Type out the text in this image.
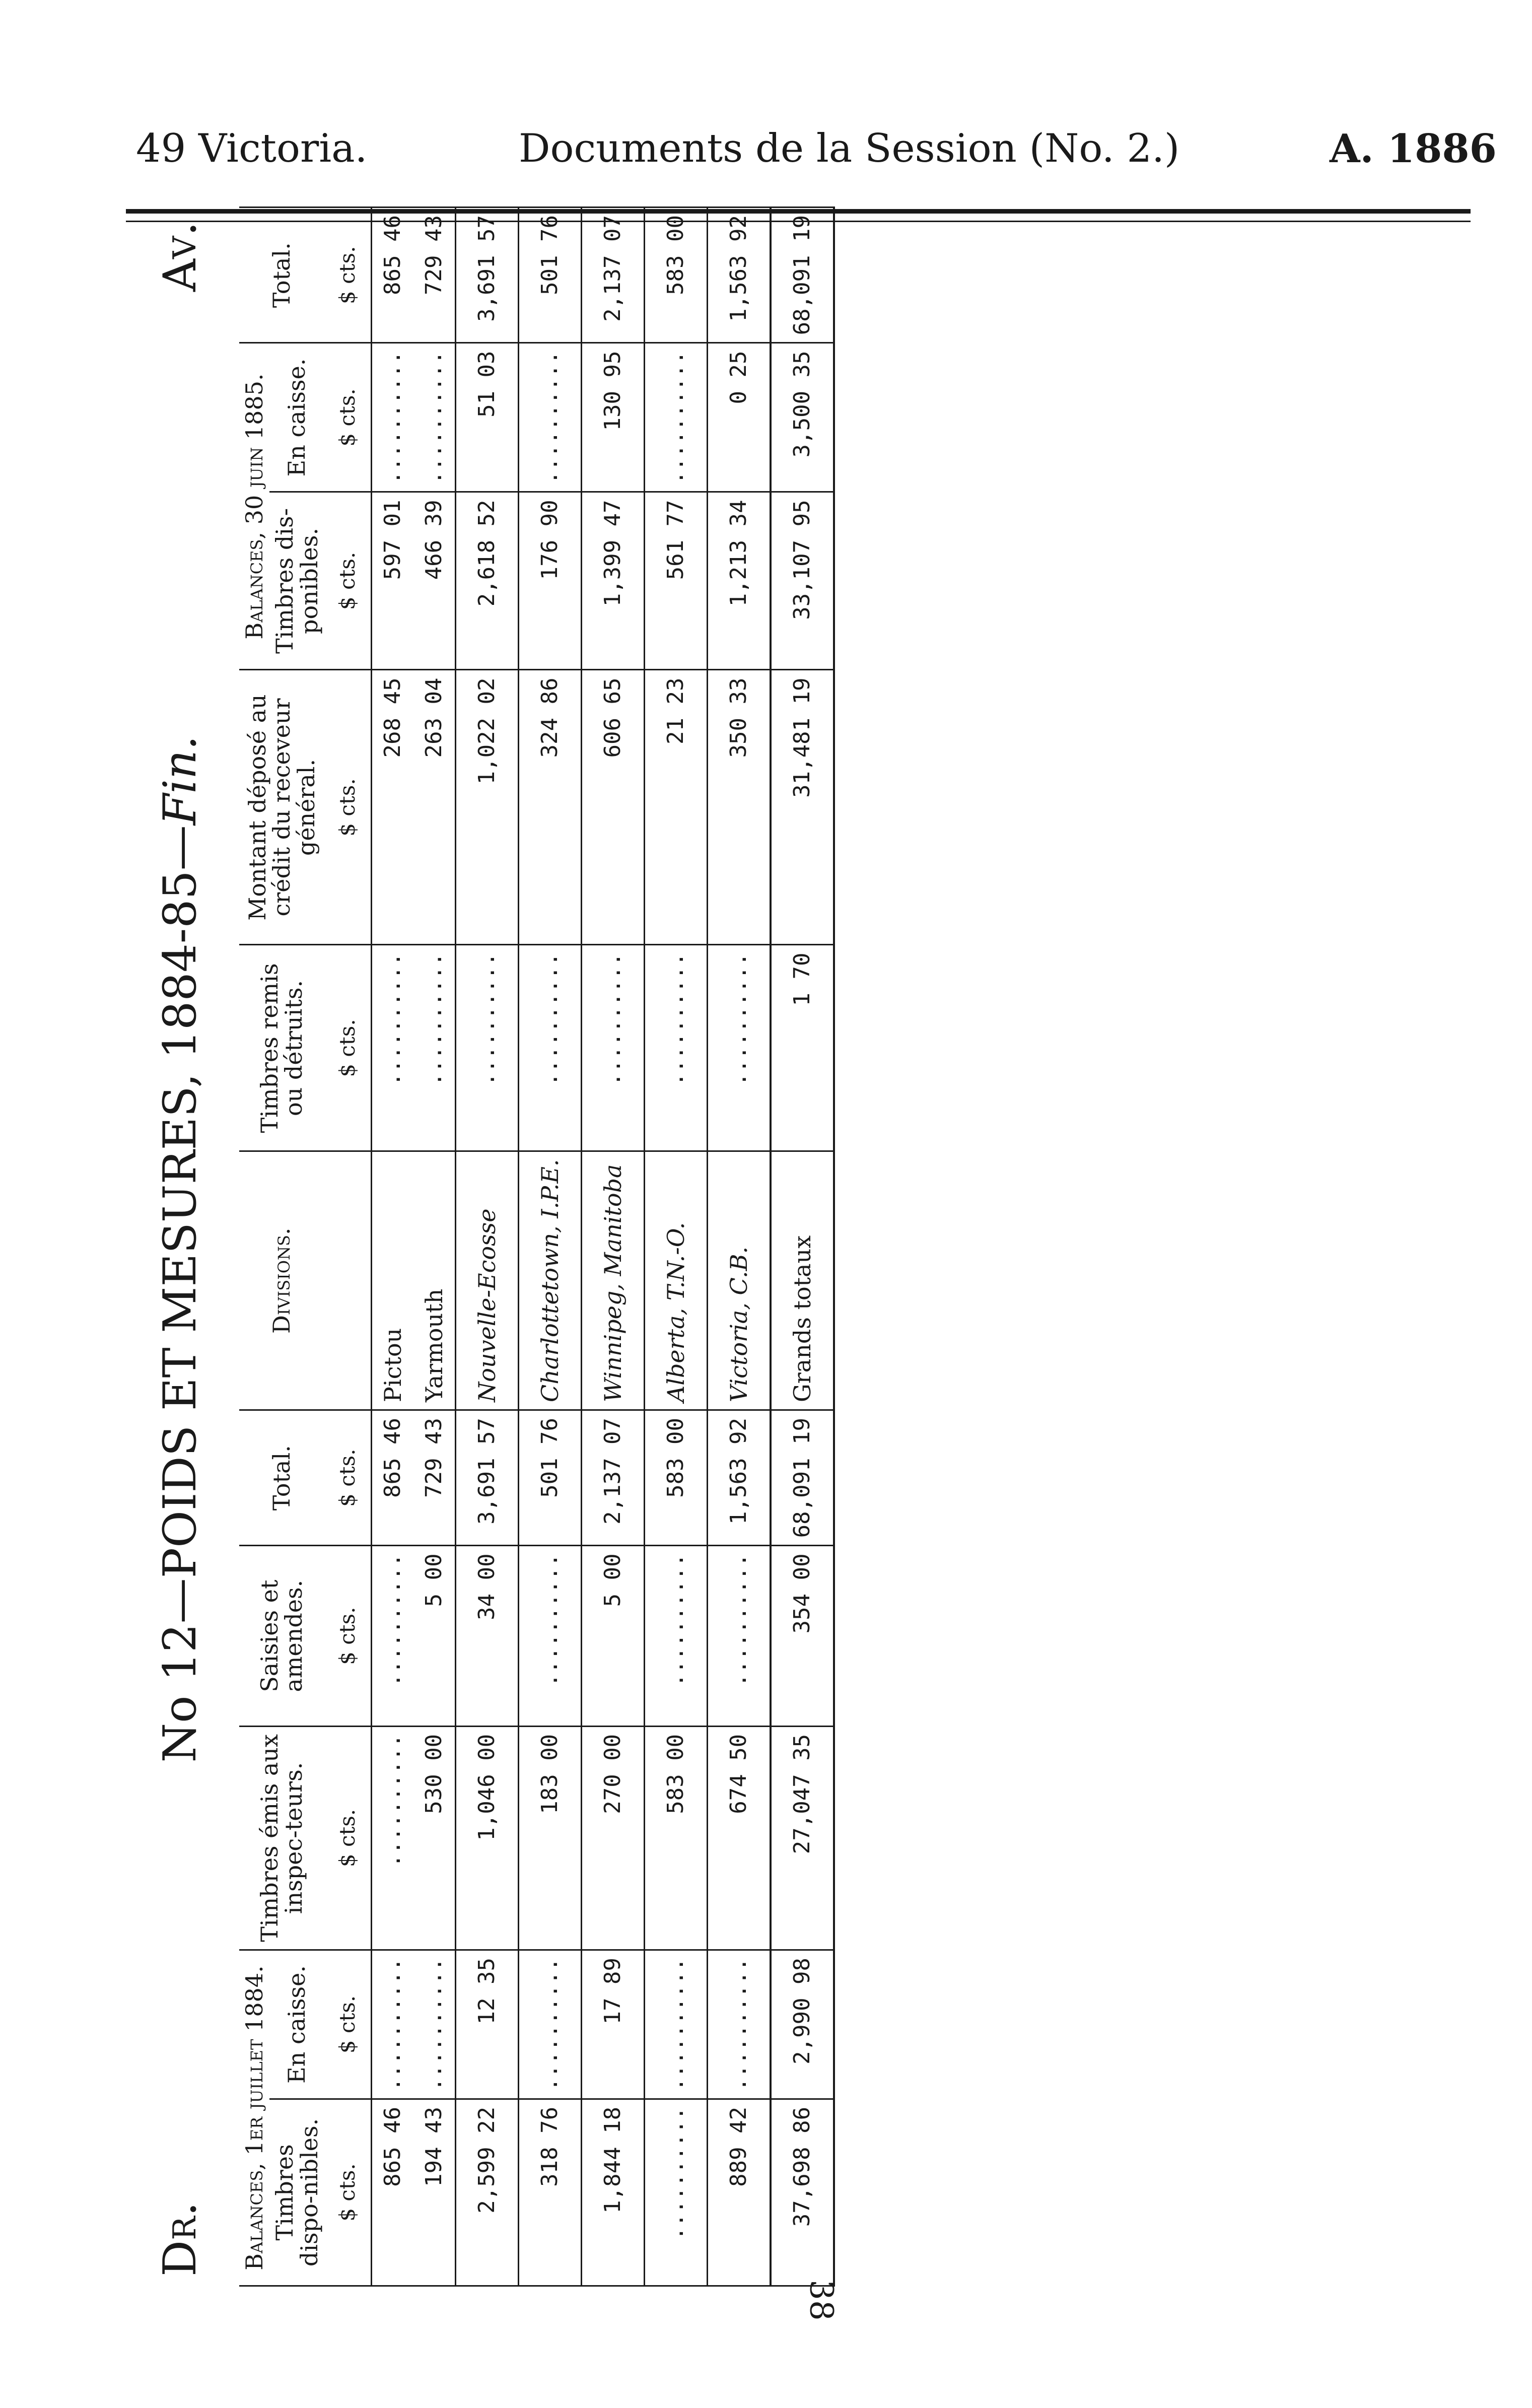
49 Victoria.	Documents de la Session (No. 2.)	A. 1886
38
Dr.
No 12—POIDS ET MESURES, 1884-85—Fin.
Av.
Balances, 1er juillet 1884.		Timbres émis aux inspec-teurs.	Saisies et amendes.	Total.	Divisions.	Timbres remis ou détruits.	Montant déposé au crédit du receveur général.	Balances, 30 juin 1885.		Total.
Timbres dispo-nibles.	En caisse.							Timbres dis-ponibles.	En caisse.	
$ cts.	$ cts.	$ cts.	$ cts.	$ cts.		$ cts.	$ cts.	$ cts.	$ cts.	$ cts.
865 46	..........	..........	..........	865 46	Pictou	..........	268 45	597 01	..........	865 46
194 43	..........	530 00	5 00	729 43	Yarmouth	..........	263 04	466 39	..........	729 43
2,599 22	12 35	1,046 00	34 00	3,691 57	Nouvelle-Ecosse	..........	1,022 02	2,618 52	51 03	3,691 57
318 76	..........	183 00	..........	501 76	Charlottetown, I.P.E.	..........	324 86	176 90	..........	501 76
1,844 18	17 89	270 00	5 00	2,137 07	Winnipeg, Manitoba	..........	606 65	1,399 47	130 95	2,137 07
..........	..........	583 00	..........	583 00	Alberta, T.N.-O.	..........	21 23	561 77	..........	583 00
889 42	..........	674 50	..........	1,563 92	Victoria, C.B.	..........	350 33	1,213 34	0 25	1,563 92
37,698 86	2,990 98	27,047 35	354 00	68,091 19	Grands totaux	1 70	31,481 19	33,107 95	3,500 35	68,091 19
